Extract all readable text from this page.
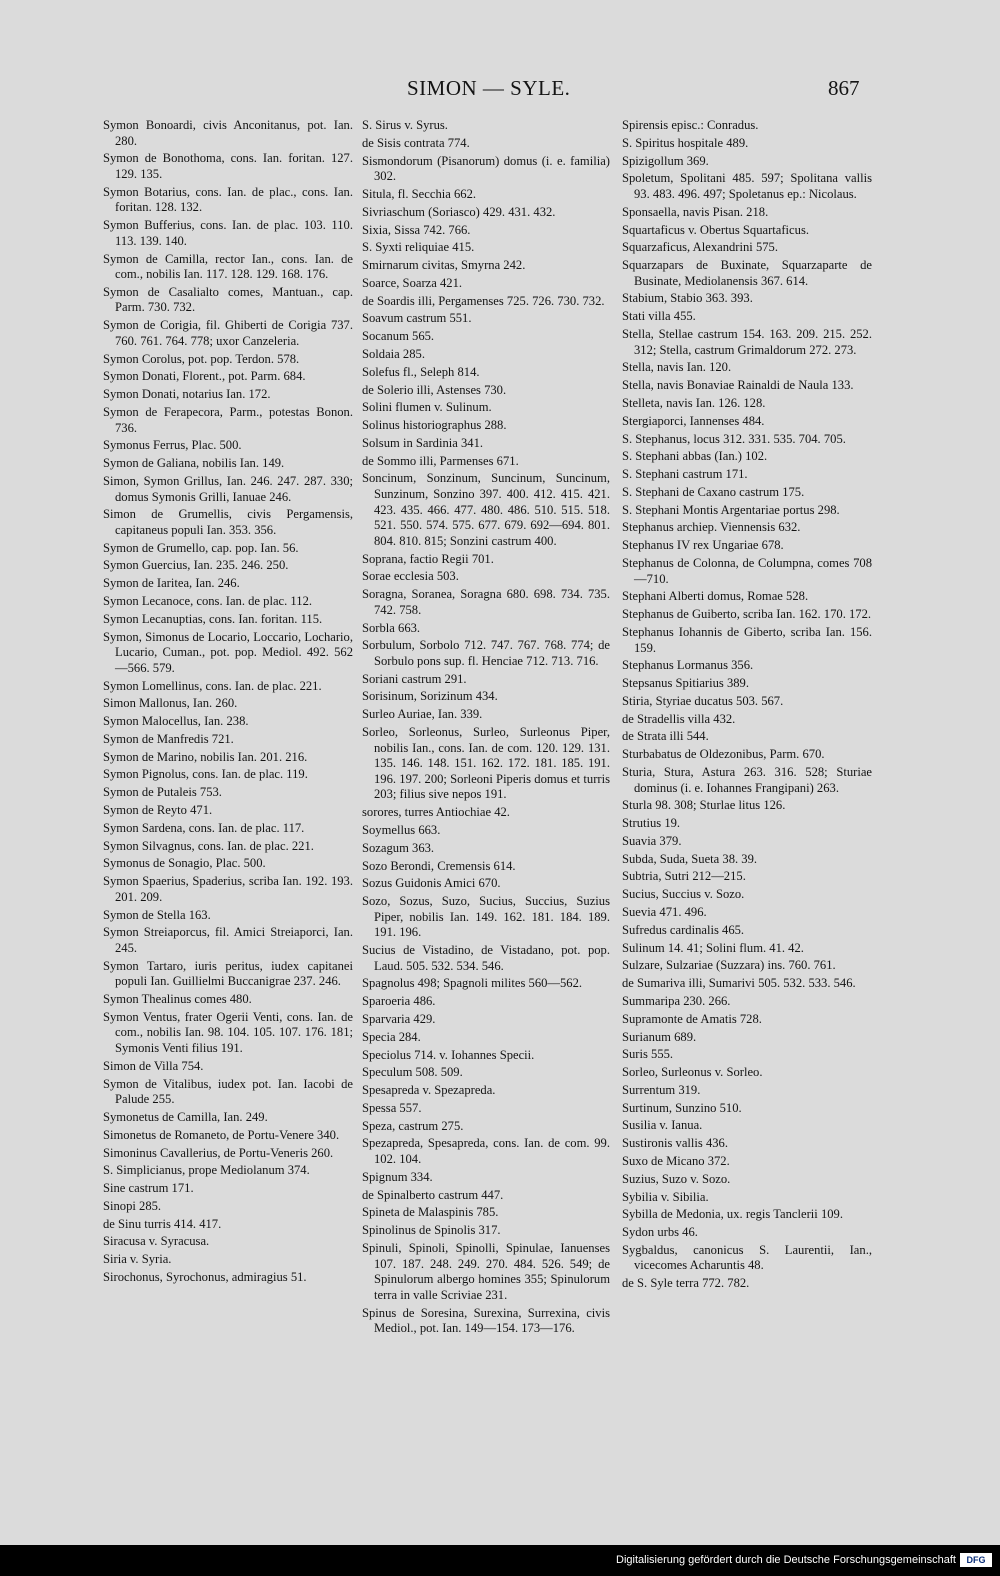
SIMON — SYLE.	867
Symon Bonoardi, civis Anconitanus, pot. Ian. 280.
Symon de Bonothoma, cons. Ian. foritan. 127. 129. 135.
Symon Botarius, cons. Ian. de plac., cons. Ian. foritan. 128. 132.
Symon Bufferius, cons. Ian. de plac. 103. 110. 113. 139. 140.
Symon de Camilla, rector Ian., cons. Ian. de com., nobilis Ian. 117. 128. 129. 168. 176.
Symon de Casalialto comes, Mantuan., cap. Parm. 730. 732.
Symon de Corigia, fil. Ghiberti de Corigia 737. 760. 761. 764. 778; uxor Canzeleria.
Symon Corolus, pot. pop. Terdon. 578.
Symon Donati, Florent., pot. Parm. 684.
Symon Donati, notarius Ian. 172.
Symon de Ferapecora, Parm., potestas Bonon. 736.
Symonus Ferrus, Plac. 500.
Symon de Galiana, nobilis Ian. 149.
Simon, Symon Grillus, Ian. 246. 247. 287. 330; domus Symonis Grilli, Ianuae 246.
Simon de Grumellis, civis Pergamensis, capitaneus populi Ian. 353. 356.
Symon de Grumello, cap. pop. Ian. 56.
Symon Guercius, Ian. 235. 246. 250.
Symon de Iaritea, Ian. 246.
Symon Lecanoce, cons. Ian. de plac. 112.
Symon Lecanuptias, cons. Ian. foritan. 115.
Symon, Simonus de Locario, Loccario, Lochario, Lucario, Cuman., pot. pop. Mediol. 492. 562—566. 579.
Symon Lomellinus, cons. Ian. de plac. 221.
Simon Mallonus, Ian. 260.
Symon Malocellus, Ian. 238.
Symon de Manfredis 721.
Symon de Marino, nobilis Ian. 201. 216.
Symon Pignolus, cons. Ian. de plac. 119.
Symon de Putaleis 753.
Symon de Reyto 471.
Symon Sardena, cons. Ian. de plac. 117.
Symon Silvagnus, cons. Ian. de plac. 221.
Symonus de Sonagio, Plac. 500.
Symon Spaerius, Spaderius, scriba Ian. 192. 193. 201. 209.
Symon de Stella 163.
Symon Streiaporcus, fil. Amici Streiaporci, Ian. 245.
Symon Tartaro, iuris peritus, iudex capitanei populi Ian. Guillielmi Buccanigrae 237. 246.
Symon Thealinus comes 480.
Symon Ventus, frater Ogerii Venti, cons. Ian. de com., nobilis Ian. 98. 104. 105. 107. 176. 181; Symonis Venti filius 191.
Simon de Villa 754.
Symon de Vitalibus, iudex pot. Ian. Iacobi de Palude 255.
Symonetus de Camilla, Ian. 249.
Simonetus de Romaneto, de Portu-Venere 340.
Simoninus Cavallerius, de Portu-Veneris 260.
S. Simplicianus, prope Mediolanum 374.
Sine castrum 171.
Sinopi 285.
de Sinu turris 414. 417.
Siracusa v. Syracusa.
Siria v. Syria.
Sirochonus, Syrochonus, admiragius 51.
S. Sirus v. Syrus.
de Sisis contrata 774.
Sismondorum (Pisanorum) domus (i. e. familia) 302.
Situla, fl. Secchia 662.
Sivriaschum (Soriasco) 429. 431. 432.
Sixia, Sissa 742. 766.
S. Syxti reliquiae 415.
Smirnarum civitas, Smyrna 242.
Soarce, Soarza 421.
de Soardis illi, Pergamenses 725. 726. 730. 732.
Soavum castrum 551.
Socanum 565.
Soldaia 285.
Solefus fl., Seleph 814.
de Solerio illi, Astenses 730.
Solini flumen v. Sulinum.
Solinus historiographus 288.
Solsum in Sardinia 341.
de Sommo illi, Parmenses 671.
Soncinum, Sonzinum, Suncinum, Suncinum, Sunzinum, Sonzino 397. 400. 412. 415. 421. 423. 435. 466. 477. 480. 486. 510. 515. 518. 521. 550. 574. 575. 677. 679. 692—694. 801. 804. 810. 815; Sonzini castrum 400.
Soprana, factio Regii 701.
Sorae ecclesia 503.
Soragna, Soranea, Soragna 680. 698. 734. 735. 742. 758.
Sorbla 663.
Sorbulum, Sorbolo 712. 747. 767. 768. 774; de Sorbulo pons sup. fl. Henciae 712. 713. 716.
Soriani castrum 291.
Sorisinum, Sorizinum 434.
Surleo Auriae, Ian. 339.
Sorleo, Sorleonus, Surleo, Surleonus Piper, nobilis Ian., cons. Ian. de com. 120. 129. 131. 135. 146. 148. 151. 162. 172. 181. 185. 191. 196. 197. 200; Sorleoni Piperis domus et turris 203; filius sive nepos 191.
sorores, turres Antiochiae 42.
Soymellus 663.
Sozagum 363.
Sozo Berondi, Cremensis 614.
Sozus Guidonis Amici 670.
Sozo, Sozus, Suzo, Sucius, Succius, Suzius Piper, nobilis Ian. 149. 162. 181. 184. 189. 191. 196.
Sucius de Vistadino, de Vistadano, pot. pop. Laud. 505. 532. 534. 546.
Spagnolus 498; Spagnoli milites 560—562.
Sparoeria 486.
Sparvaria 429.
Specia 284.
Speciolus 714. v. Iohannes Specii.
Speculum 508. 509.
Spesapreda v. Spezapreda.
Spessa 557.
Speza, castrum 275.
Spezapreda, Spesapreda, cons. Ian. de com. 99. 102. 104.
Spignum 334.
de Spinalberto castrum 447.
Spineta de Malaspinis 785.
Spinolinus de Spinolis 317.
Spinuli, Spinoli, Spinolli, Spinulae, Ianuenses 107. 187. 248. 249. 270. 484. 526. 549; de Spinulorum albergo homines 355; Spinulorum terra in valle Scriviae 231.
Spinus de Soresina, Surexina, Surrexina, civis Mediol., pot. Ian. 149—154. 173—176.
Spirensis episc.: Conradus.
S. Spiritus hospitale 489.
Spizigollum 369.
Spoletum, Spolitani 485. 597; Spolitana vallis 93. 483. 496. 497; Spoletanus ep.: Nicolaus.
Sponsaella, navis Pisan. 218.
Squartaficus v. Obertus Squartaficus.
Squarzaficus, Alexandrini 575.
Squarzapars de Buxinate, Squarzaparte de Businate, Mediolanensis 367. 614.
Stabium, Stabio 363. 393.
Stati villa 455.
Stella, Stellae castrum 154. 163. 209. 215. 252. 312; Stella, castrum Grimaldorum 272. 273.
Stella, navis Ian. 120.
Stella, navis Bonaviae Rainaldi de Naula 133.
Stelleta, navis Ian. 126. 128.
Stergiaporci, Iannenses 484.
S. Stephanus, locus 312. 331. 535. 704. 705.
S. Stephani abbas (Ian.) 102.
S. Stephani castrum 171.
S. Stephani de Caxano castrum 175.
S. Stephani Montis Argentariae portus 298.
Stephanus archiep. Viennensis 632.
Stephanus IV rex Ungariae 678.
Stephanus de Colonna, de Columpna, comes 708—710.
Stephani Alberti domus, Romae 528.
Stephanus de Guiberto, scriba Ian. 162. 170. 172.
Stephanus Iohannis de Giberto, scriba Ian. 156. 159.
Stephanus Lormanus 356.
Stepsanus Spitiarius 389.
Stiria, Styriae ducatus 503. 567.
de Stradellis villa 432.
de Strata illi 544.
Sturbabatus de Oldezonibus, Parm. 670.
Sturia, Stura, Astura 263. 316. 528; Sturiae dominus (i. e. Iohannes Frangipani) 263.
Sturla 98. 308; Sturlae litus 126.
Strutius 19.
Suavia 379.
Subda, Suda, Sueta 38. 39.
Subtria, Sutri 212—215.
Sucius, Succius v. Sozo.
Suevia 471. 496.
Sufredus cardinalis 465.
Sulinum 14. 41; Solini flum. 41. 42.
Sulzare, Sulzariae (Suzzara) ins. 760. 761.
de Sumariva illi, Sumarivi 505. 532. 533. 546.
Summaripa 230. 266.
Supramonte de Amatis 728.
Surianum 689.
Suris 555.
Sorleo, Surleonus v. Sorleo.
Surrentum 319.
Surtinum, Sunzino 510.
Susilia v. Ianua.
Sustironis vallis 436.
Suxo de Micano 372.
Suzius, Suzo v. Sozo.
Sybilia v. Sibilia.
Sybilla de Medonia, ux. regis Tanclerii 109.
Sydon urbs 46.
Sygbaldus, canonicus S. Laurentii, Ian., vicecomes Acharuntis 48.
de S. Syle terra 772. 782.
Digitalisierung gefördert durch die Deutsche Forschungsgemeinschaft	DFG
